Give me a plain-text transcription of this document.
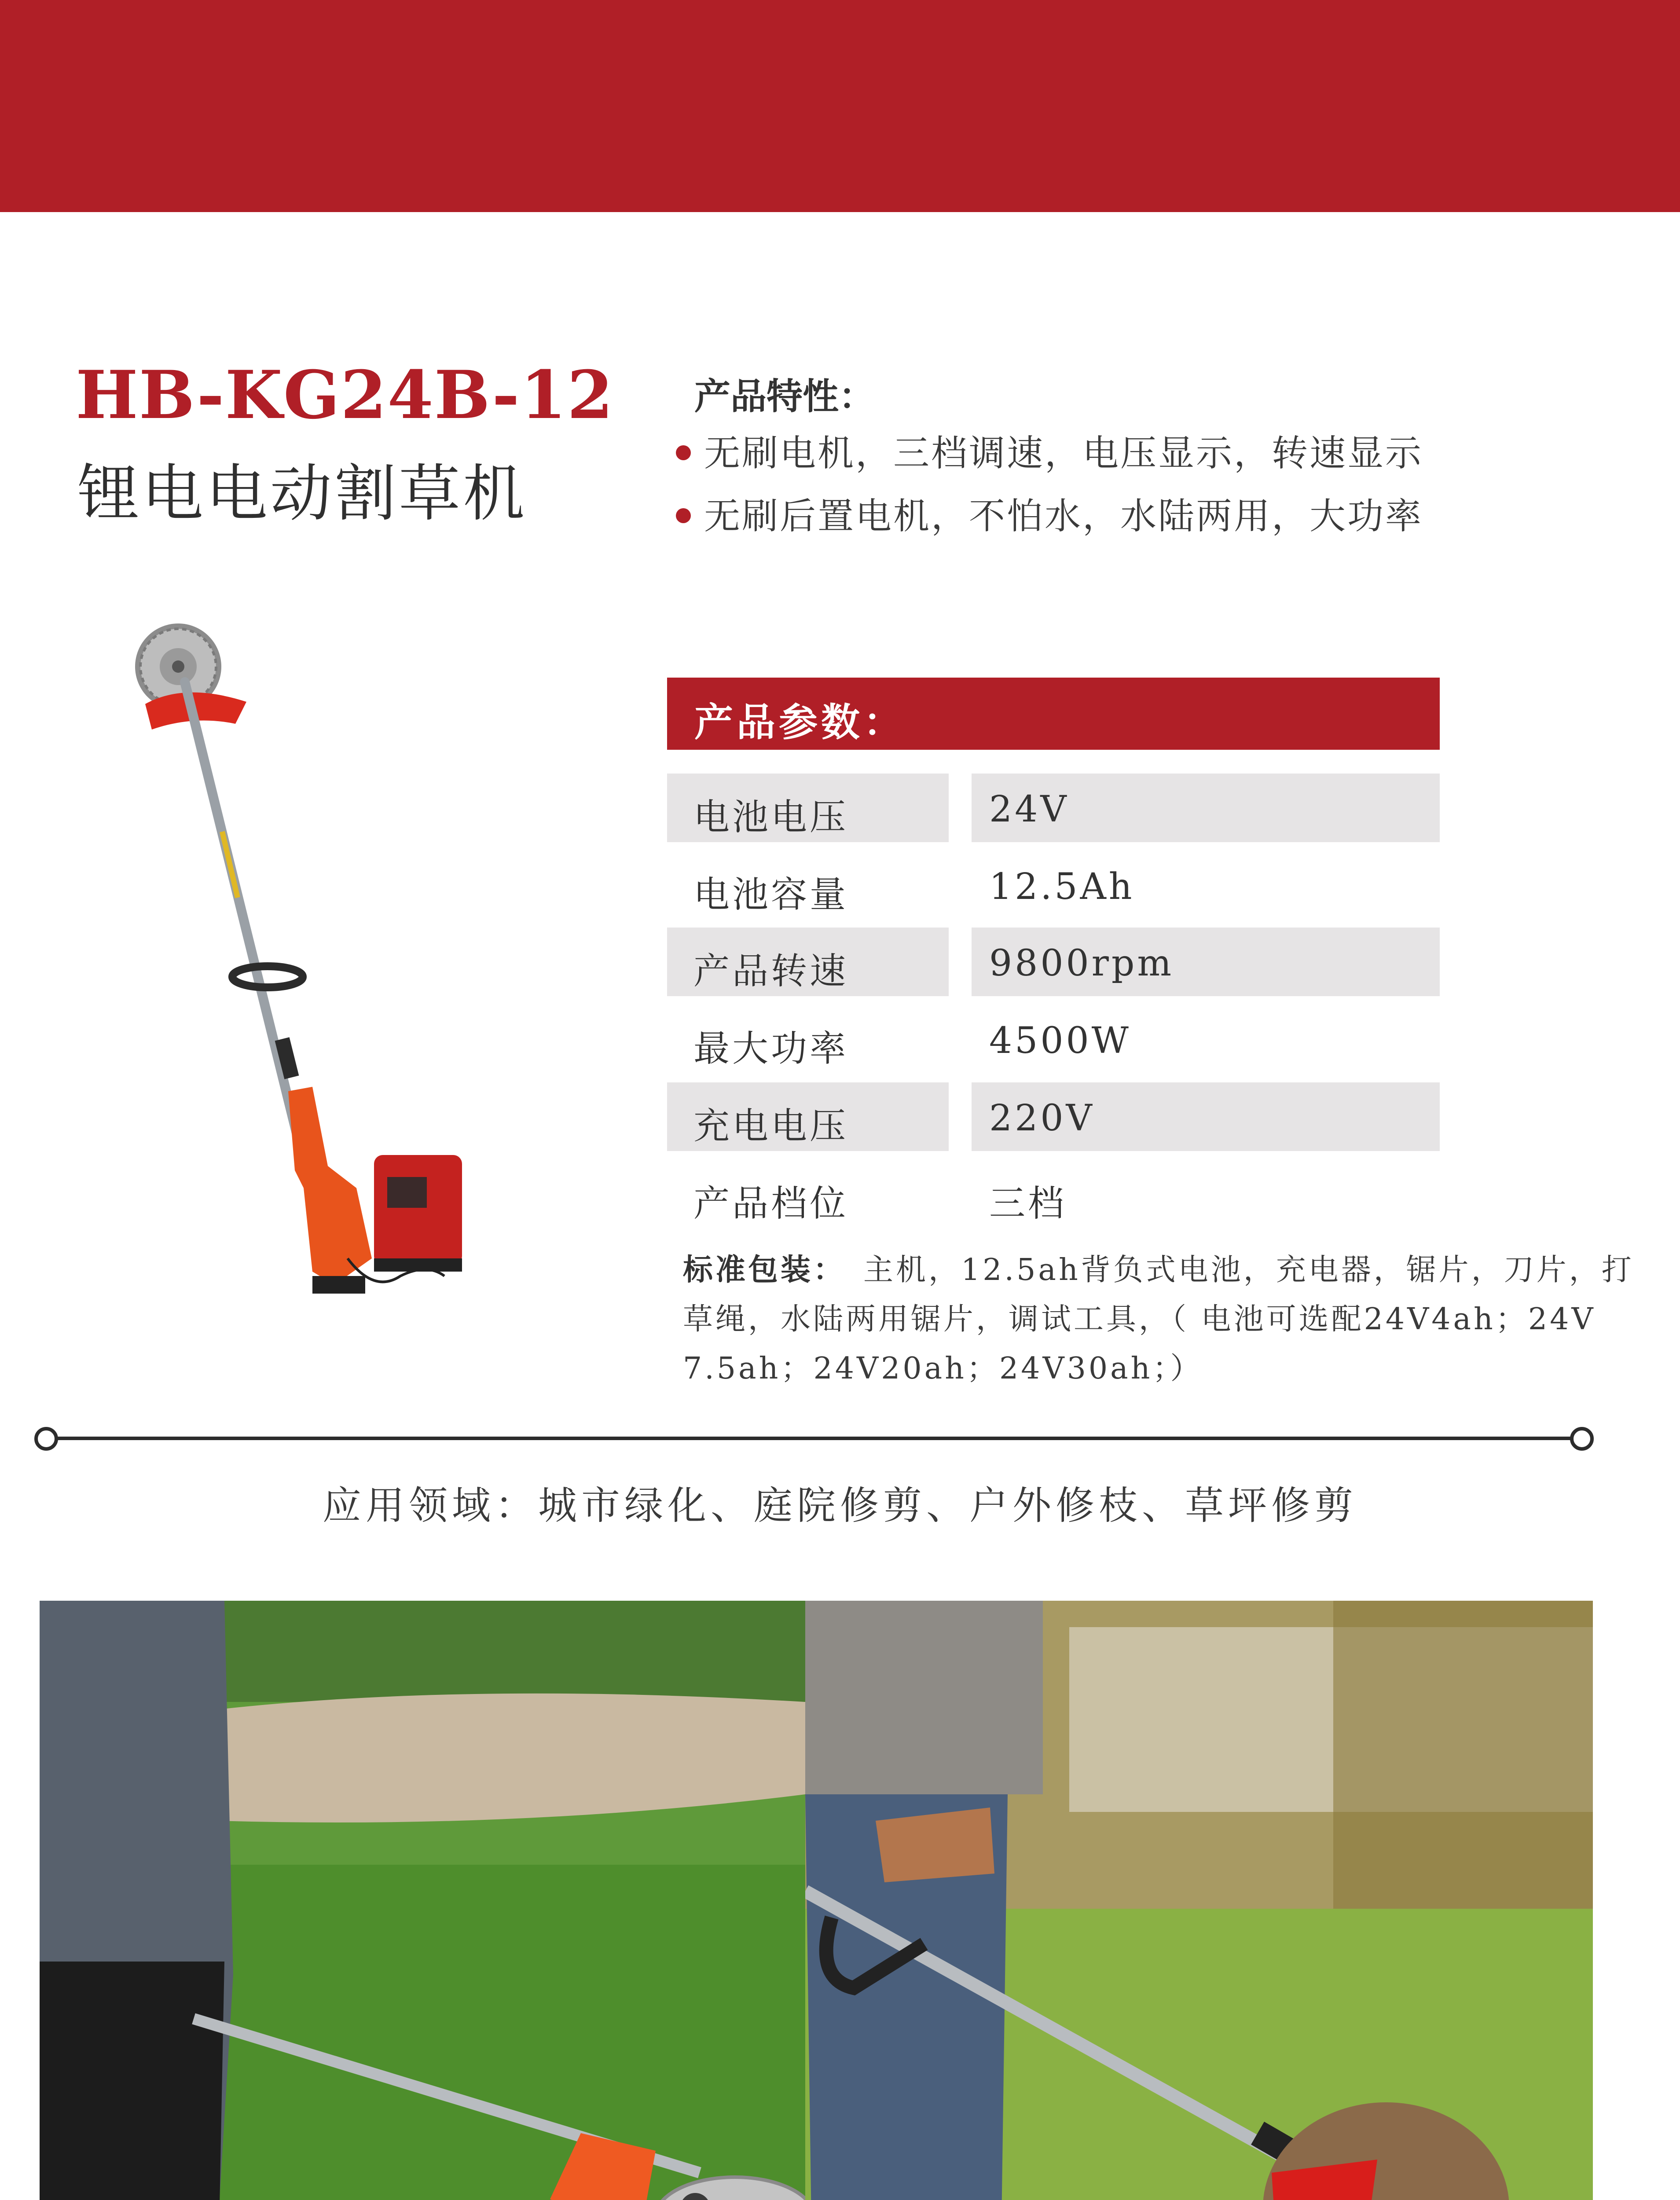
HB-KG24B-12
锂电电动割草机
产品特性：
无刷电机，三档调速，电压显示，转速显示
无刷后置电机，不怕水，水陆两用，大功率
产品参数：
电池电压	24V
电池容量	12.5Ah
产品转速	9800rpm
最大功率	4500W
充电电压	220V
产品档位	三档
标准包装： 主机，12.5ah背负式电池，充电器，锯片，刀片，打草绳，水陆两用锯片，调试工具，（ 电池可选配24V4ah；24V 7.5ah；24V20ah；24V30ah；）
应用领域：城市绿化、庭院修剪、户外修枝、草坪修剪
